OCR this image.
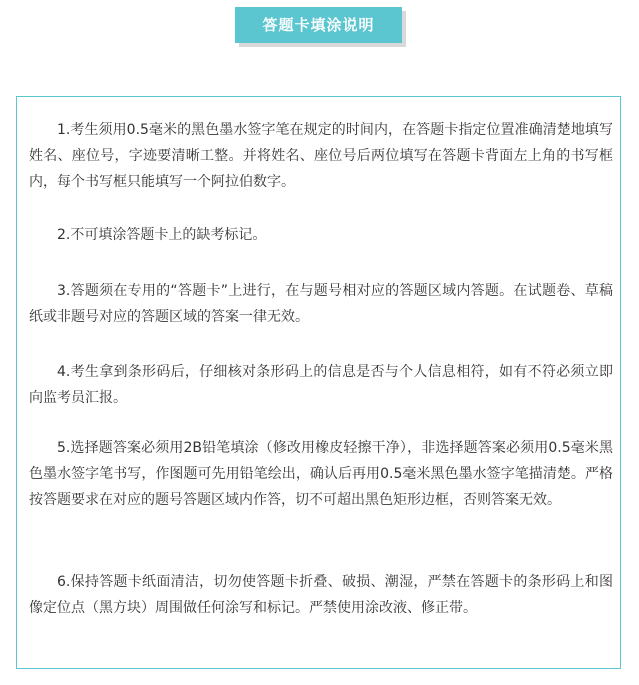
答题卡填涂说明

1.考生须用0.5毫米的黑色墨水签字笔在规定的时间内，在答题卡指定位置准确清楚地填写姓名、座位号，字迹要清晰工整。并将姓名、座位号后两位填写在答题卡背面左上角的书写框内，每个书写框只能填写一个阿拉伯数字。

2.不可填涂答题卡上的缺考标记。

3.答题须在专用的“答题卡”上进行，在与题号相对应的答题区域内答题。在试题卷、草稿纸或非题号对应的答题区域的答案一律无效。

4.考生拿到条形码后，仔细核对条形码上的信息是否与个人信息相符，如有不符必须立即向监考员汇报。

5.选择题答案必须用2B铅笔填涂（修改用橡皮轻擦干净），非选择题答案必须用0.5毫米黑色墨水签字笔书写，作图题可先用铅笔绘出，确认后再用0.5毫米黑色墨水签字笔描清楚。严格按答题要求在对应的题号答题区域内作答，切不可超出黑色矩形边框，否则答案无效。

6.保持答题卡纸面清洁，切勿使答题卡折叠、破损、潮湿，严禁在答题卡的条形码上和图像定位点（黑方块）周围做任何涂写和标记。严禁使用涂改液、修正带。
